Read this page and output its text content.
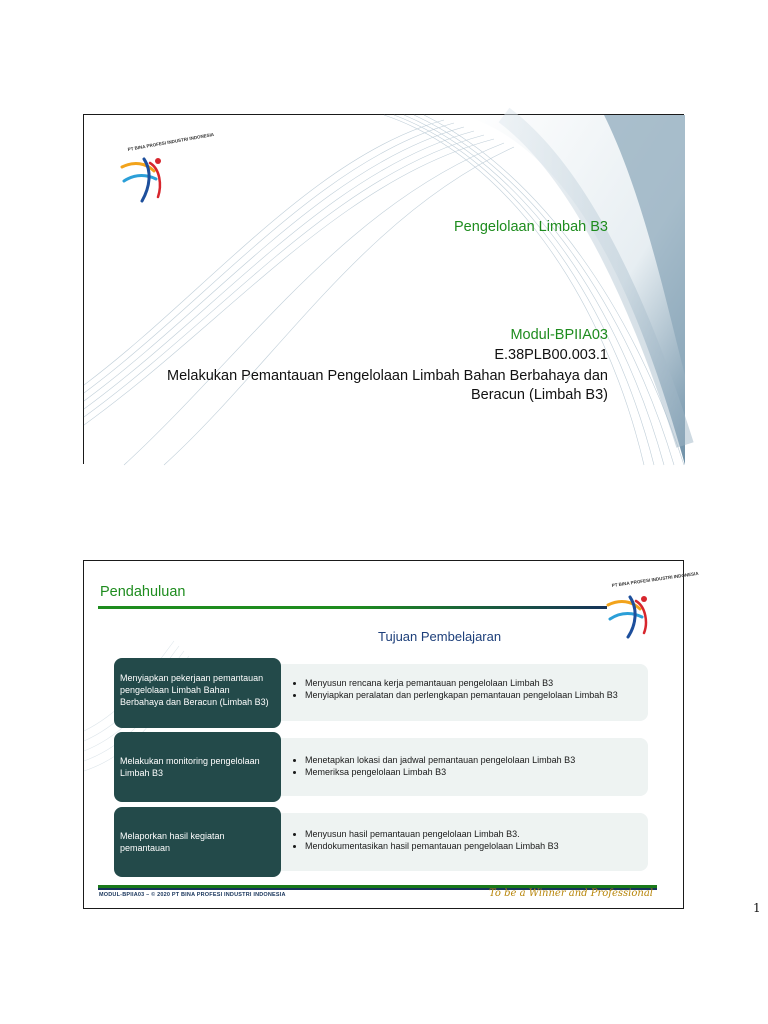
PT BINA PROFESI INDUSTRI INDONESIA
Pengelolaan Limbah B3
Modul-BPIIA03
E.38PLB00.003.1
Melakukan Pemantauan Pengelolaan Limbah Bahan Berbahaya dan
Beracun (Limbah B3)
Pendahuluan
PT BINA PROFESI INDUSTRI INDONESIA
Tujuan Pembelajaran
• Menyusun rencana kerja pemantauan pengelolaan Limbah B3
• Menyiapkan peralatan dan perlengkapan pemantauan pengelolaan Limbah B3
Menyiapkan pekerjaan pemantauan pengelolaan Limbah Bahan Berbahaya dan Beracun (Limbah B3)
• Menetapkan lokasi dan jadwal pemantauan pengelolaan Limbah B3
• Memeriksa pengelolaan Limbah B3
Melakukan monitoring pengelolaan Limbah B3
• Menyusun hasil pemantauan pengelolaan Limbah B3.
• Mendokumentasikan hasil pemantauan pengelolaan Limbah B3
Melaporkan hasil kegiatan pemantauan
MODUL-BPIIA03 – © 2020 PT BINA PROFESI INDUSTRI INDONESIA	To be a Winner and Professional
1
